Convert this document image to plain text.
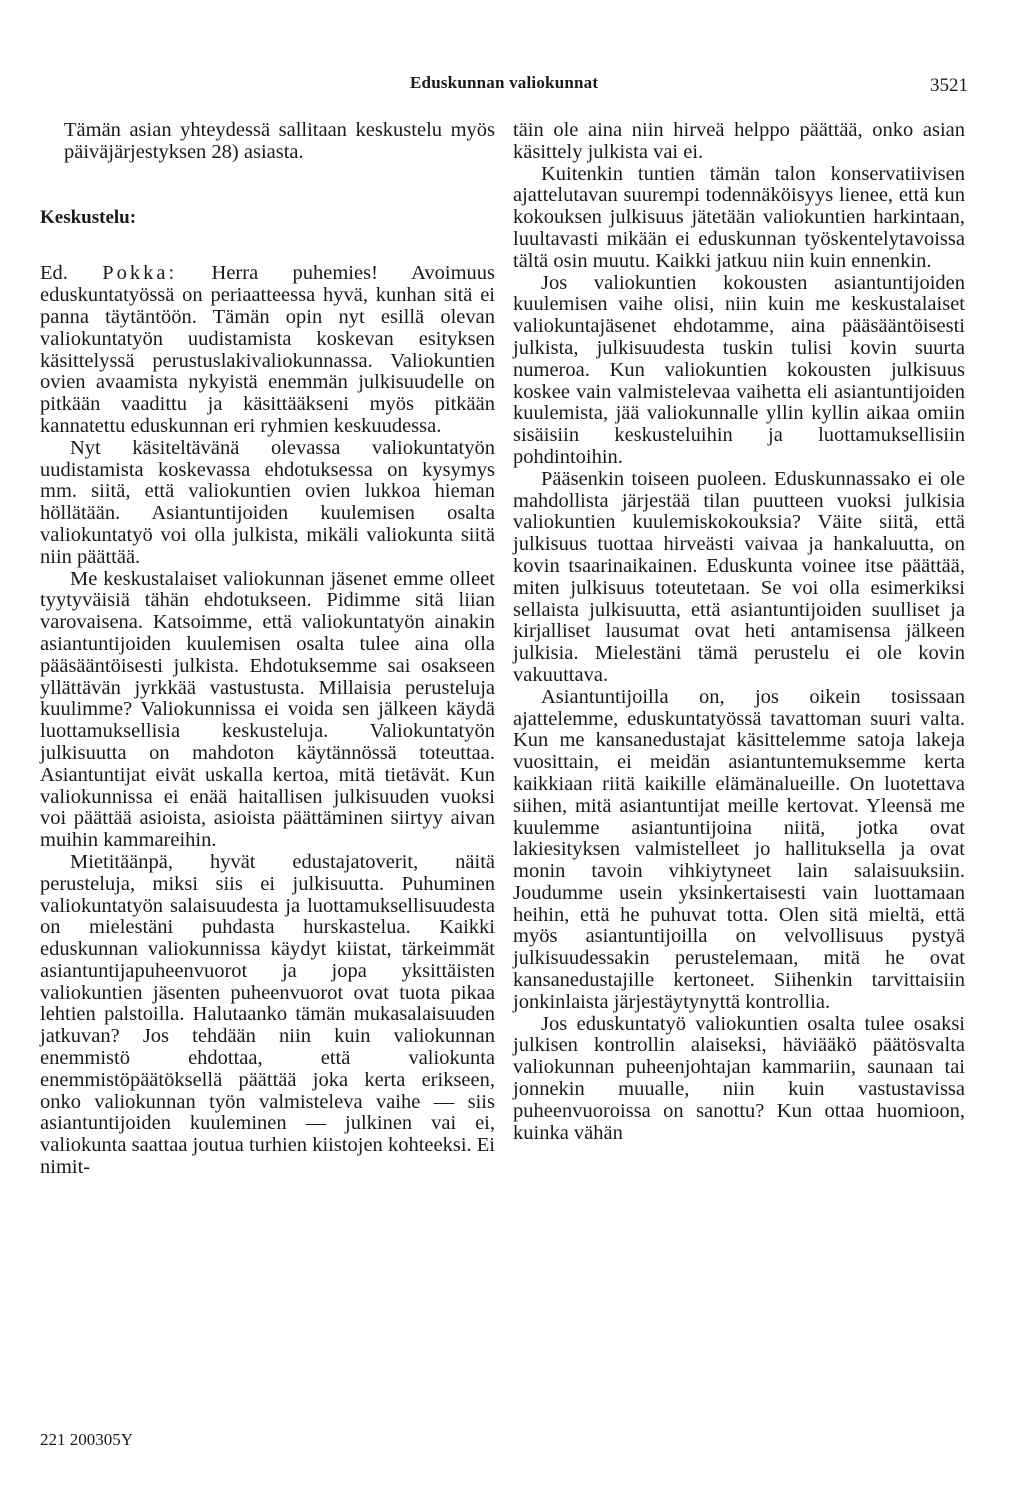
Eduskunnan valiokunnat	3521

Tämän asian yhteydessä sallitaan keskustelu myös päiväjärjestyksen 28) asiasta.

Keskustelu:

Ed. Pokka: Herra puhemies! Avoimuus eduskuntatyössä on periaatteessa hyvä, kunhan sitä ei panna täytäntöön. Tämän opin nyt esillä olevan valiokuntatyön uudistamista koskevan esityksen käsittelyssä perustuslakivaliokunnassa. Valiokuntien ovien avaamista nykyistä enemmän julkisuudelle on pitkään vaadittu ja käsittääkseni myös pitkään kannatettu eduskunnan eri ryhmien keskuudessa.

Nyt käsiteltävänä olevassa valiokuntatyön uudistamista koskevassa ehdotuksessa on kysymys mm. siitä, että valiokuntien ovien lukkoa hieman höllätään. Asiantuntijoiden kuulemisen osalta valiokuntatyö voi olla julkista, mikäli valiokunta siitä niin päättää.

Me keskustalaiset valiokunnan jäsenet emme olleet tyytyväisiä tähän ehdotukseen. Pidimme sitä liian varovaisena. Katsoimme, että valiokuntatyön ainakin asiantuntijoiden kuulemisen osalta tulee aina olla pääsääntöisesti julkista. Ehdotuksemme sai osakseen yllättävän jyrkkää vastustusta. Millaisia perusteluja kuulimme? Valiokunnissa ei voida sen jälkeen käydä luottamuksellisia keskusteluja. Valiokuntatyön julkisuutta on mahdoton käytännössä toteuttaa. Asiantuntijat eivät uskalla kertoa, mitä tietävät. Kun valiokunnissa ei enää haitallisen julkisuuden vuoksi voi päättää asioista, asioista päättäminen siirtyy aivan muihin kammareihin.

Mietitäänpä, hyvät edustajatoverit, näitä perusteluja, miksi siis ei julkisuutta. Puhuminen valiokuntatyön salaisuudesta ja luottamuksellisuudesta on mielestäni puhdasta hurskastelua. Kaikki eduskunnan valiokunnissa käydyt kiistat, tärkeimmät asiantuntijapuheenvuorot ja jopa yksittäisten valiokuntien jäsenten puheenvuorot ovat tuota pikaa lehtien palstoilla. Halutaanko tämän mukasalaisuuden jatkuvan? Jos tehdään niin kuin valiokunnan enemmistö ehdottaa, että valiokunta enemmistöpäätöksellä päättää joka kerta erikseen, onko valiokunnan työn valmisteleva vaihe — siis asiantuntijoiden kuuleminen — julkinen vai ei, valiokunta saattaa joutua turhien kiistojen kohteeksi. Ei nimit-

täin ole aina niin hirveä helppo päättää, onko asian käsittely julkista vai ei.

Kuitenkin tuntien tämän talon konservatiivisen ajattelutavan suurempi todennäköisyys lienee, että kun kokouksen julkisuus jätetään valiokuntien harkintaan, luultavasti mikään ei eduskunnan työskentelytavoissa tältä osin muutu. Kaikki jatkuu niin kuin ennenkin.

Jos valiokuntien kokousten asiantuntijoiden kuulemisen vaihe olisi, niin kuin me keskustalaiset valiokuntajäsenet ehdotamme, aina pääsääntöisesti julkista, julkisuudesta tuskin tulisi kovin suurta numeroa. Kun valiokuntien kokousten julkisuus koskee vain valmistelevaa vaihetta eli asiantuntijoiden kuulemista, jää valiokunnalle yllin kyllin aikaa omiin sisäisiin keskusteluihin ja luottamuksellisiin pohdintoihin.

Pääsenkin toiseen puoleen. Eduskunnassako ei ole mahdollista järjestää tilan puutteen vuoksi julkisia valiokuntien kuulemiskokouksia? Väite siitä, että julkisuus tuottaa hirveästi vaivaa ja hankaluutta, on kovin tsaarinaikainen. Eduskunta voinee itse päättää, miten julkisuus toteutetaan. Se voi olla esimerkiksi sellaista julkisuutta, että asiantuntijoiden suulliset ja kirjalliset lausumat ovat heti antamisensa jälkeen julkisia. Mielestäni tämä perustelu ei ole kovin vakuuttava.

Asiantuntijoilla on, jos oikein tosissaan ajattelemme, eduskuntatyössä tavattoman suuri valta. Kun me kansanedustajat käsittelemme satoja lakeja vuosittain, ei meidän asiantuntemuksemme kerta kaikkiaan riitä kaikille elämänalueille. On luotettava siihen, mitä asiantuntijat meille kertovat. Yleensä me kuulemme asiantuntijoina niitä, jotka ovat lakiesityksen valmistelleet jo hallituksella ja ovat monin tavoin vihkiytyneet lain salaisuuksiin. Joudumme usein yksinkertaisesti vain luottamaan heihin, että he puhuvat totta. Olen sitä mieltä, että myös asiantuntijoilla on velvollisuus pystyä julkisuudessakin perustelemaan, mitä he ovat kansanedustajille kertoneet. Siihenkin tarvittaisiin jonkinlaista järjestäytynyttä kontrollia.

Jos eduskuntatyö valiokuntien osalta tulee osaksi julkisen kontrollin alaiseksi, häviääkö päätösvalta valiokunnan puheenjohtajan kammariin, saunaan tai jonnekin muualle, niin kuin vastustavissa puheenvuoroissa on sanottu? Kun ottaa huomioon, kuinka vähän

221 200305Y
